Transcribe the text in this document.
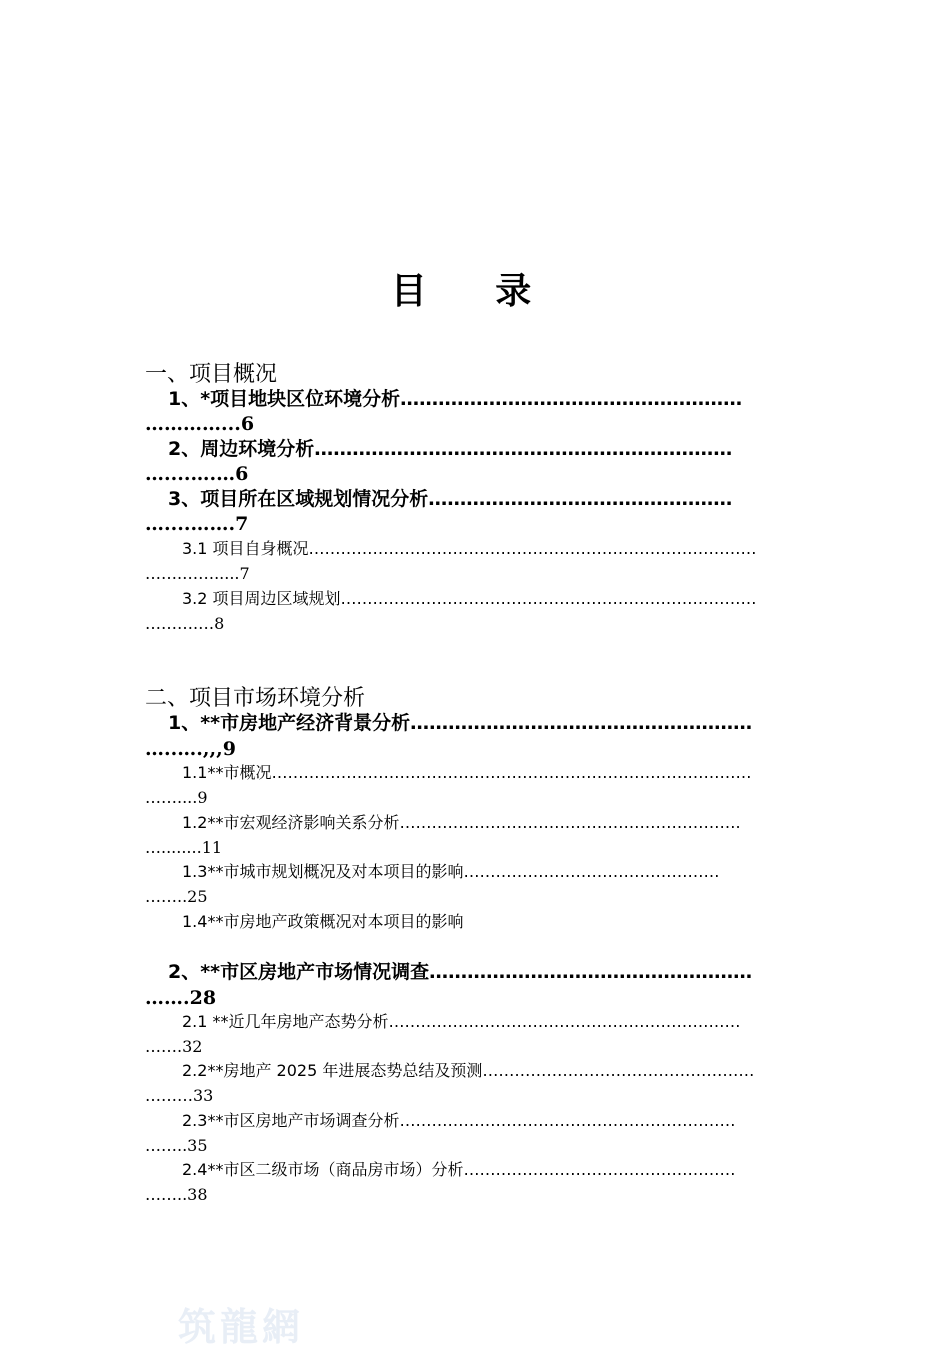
目 录
一、项目概况
1、*项目地块区位环境分析………………………………………………
…………...6
2、周边环境分析…………………………………………………………
…....….…6
3、项目所在区域规划情况分析…………………………………………
…....…….7
3.1 项目自身概况…………………………………………………………………………
…….…….....7
3.2 项目周边区域规划……………………………………………………………………
……….…8
二、项目市场环境分析
1、**市房地产经济背景分析………………………………………………
…..….,,,9
1.1**市概况………………………………………………………………………………
……....9
1.2**市宏观经济影响关系分析……………………………………………………….
…........11
1.3**市城市规划概况及对本项目的影响…………………………………………
……..25
1.4**市房地产政策概况对本项目的影响
2、**市区房地产市场情况调查……………………………………………
…….28
2.1 **近几年房地产态势分析…………………………………………………………
…….32
2.2**房地产 2025 年进展态势总结及预测……………………………………………
………33
2.3**市区房地产市场调查分析………………………………………………………
……..35
2.4**市区二级市场（商品房市场）分析……………………………………………
……..38
筑龍網
